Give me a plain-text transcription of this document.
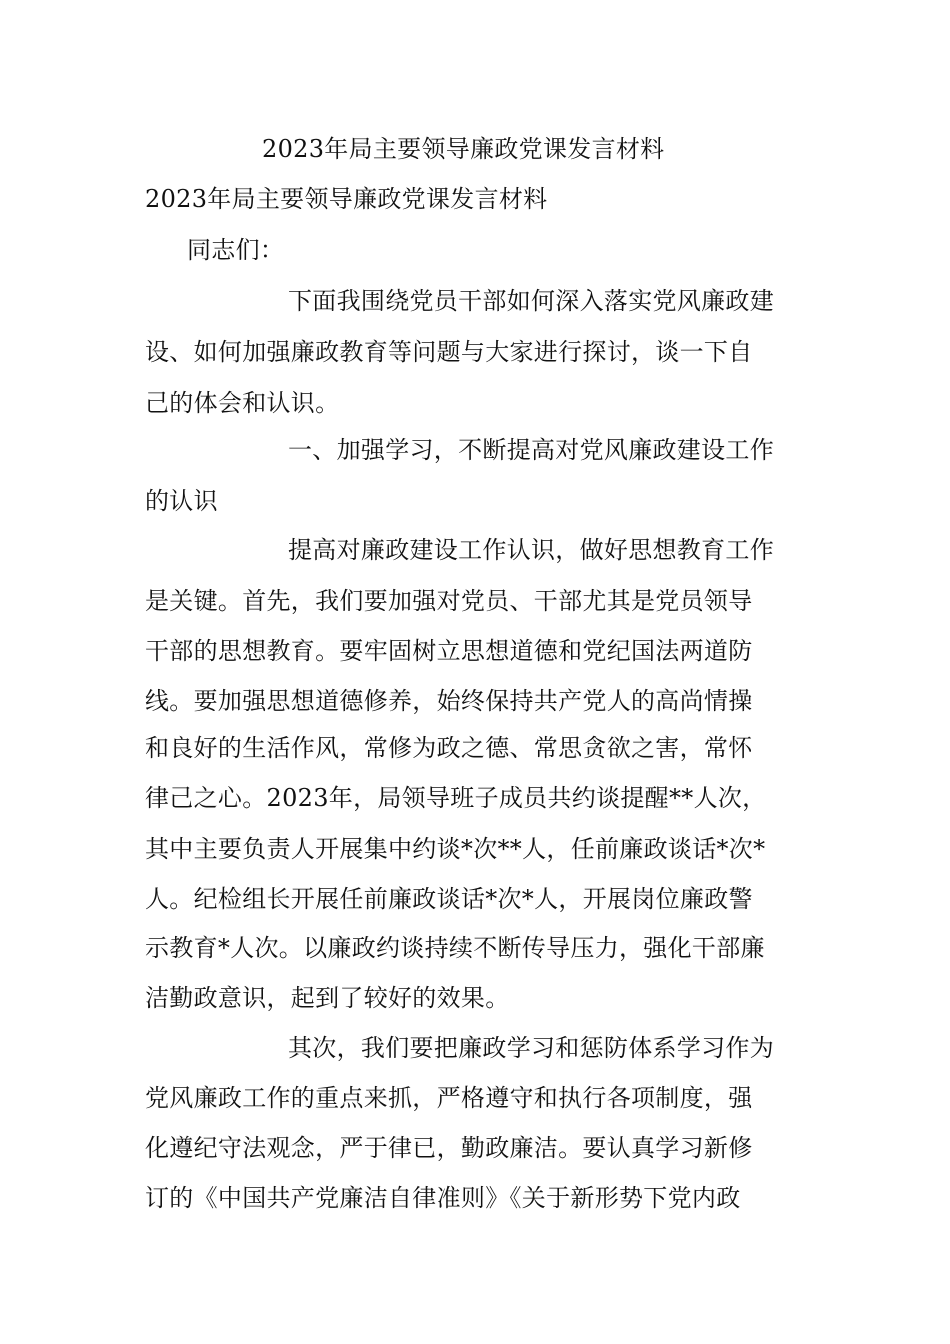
2023年局主要领导廉政党课发言材料
2023年局主要领导廉政党课发言材料
同志们：
下面我围绕党员干部如何深入落实党风廉政建
设、如何加强廉政教育等问题与大家进行探讨，谈一下自
己的体会和认识。
一、加强学习，不断提高对党风廉政建设工作
的认识
提高对廉政建设工作认识，做好思想教育工作
是关键。首先，我们要加强对党员、干部尤其是党员领导
干部的思想教育。要牢固树立思想道德和党纪国法两道防
线。要加强思想道德修养，始终保持共产党人的高尚情操
和良好的生活作风，常修为政之德、常思贪欲之害，常怀
律己之心。2023年，局领导班子成员共约谈提醒**人次，
其中主要负责人开展集中约谈*次**人，任前廉政谈话*次*
人。纪检组长开展任前廉政谈话*次*人，开展岗位廉政警
示教育*人次。以廉政约谈持续不断传导压力，强化干部廉
洁勤政意识，起到了较好的效果。
其次，我们要把廉政学习和惩防体系学习作为
党风廉政工作的重点来抓，严格遵守和执行各项制度，强
化遵纪守法观念，严于律已，勤政廉洁。要认真学习新修
订的《中国共产党廉洁自律准则》《关于新形势下党内政
